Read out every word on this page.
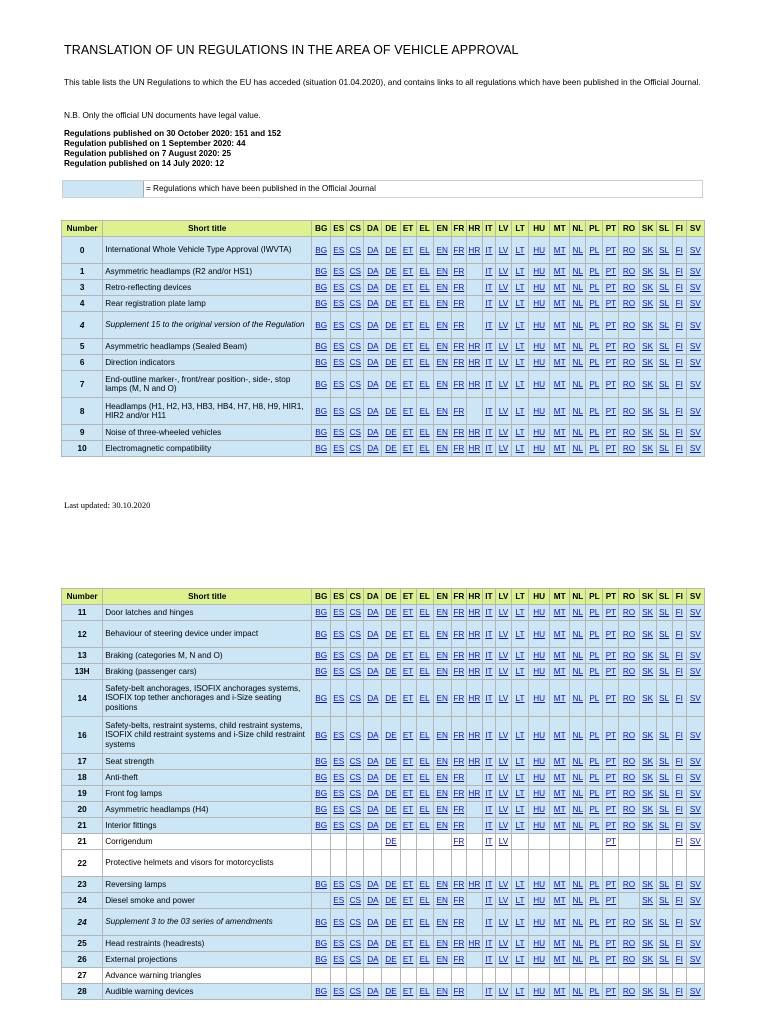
TRANSLATION OF UN REGULATIONS IN THE AREA OF VEHICLE APPROVAL
This table lists the UN Regulations to which the EU has acceded (situation 01.04.2020), and contains links to all regulations which have been published in the Official Journal.
N.B. Only the official UN documents have legal value.
Regulations published on 30 October 2020: 151 and 152
Regulation published on 1 September 2020: 44
Regulation published on 7 August 2020: 25
Regulation published on 14 July 2020: 12
= Regulations which have been published in the Official Journal
Number	Short title	BG	ES	CS	DA	DE	ET	EL	EN	FR	HR	IT	LV	LT	HU	MT	NL	PL	PT	RO	SK	SL	FI	SV
0	International Whole Vehicle Type Approval (IWVTA)	BG	ES	CS	DA	DE	ET	EL	EN	FR	HR	IT	LV	LT	HU	MT	NL	PL	PT	RO	SK	SL	FI	SV
1	Asymmetric headlamps (R2 and/or HS1)	BG	ES	CS	DA	DE	ET	EL	EN	FR		IT	LV	LT	HU	MT	NL	PL	PT	RO	SK	SL	FI	SV
3	Retro-reflecting devices	BG	ES	CS	DA	DE	ET	EL	EN	FR		IT	LV	LT	HU	MT	NL	PL	PT	RO	SK	SL	FI	SV
4	Rear registration plate lamp	BG	ES	CS	DA	DE	ET	EL	EN	FR		IT	LV	LT	HU	MT	NL	PL	PT	RO	SK	SL	FI	SV
4	Supplement 15 to the original version of the Regulation	BG	ES	CS	DA	DE	ET	EL	EN	FR		IT	LV	LT	HU	MT	NL	PL	PT	RO	SK	SL	FI	SV
5	Asymmetric headlamps (Sealed Beam)	BG	ES	CS	DA	DE	ET	EL	EN	FR	HR	IT	LV	LT	HU	MT	NL	PL	PT	RO	SK	SL	FI	SV
6	Direction indicators	BG	ES	CS	DA	DE	ET	EL	EN	FR	HR	IT	LV	LT	HU	MT	NL	PL	PT	RO	SK	SL	FI	SV
7	End-outline marker-, front/rear position-, side-, stop lamps (M, N and O)	BG	ES	CS	DA	DE	ET	EL	EN	FR	HR	IT	LV	LT	HU	MT	NL	PL	PT	RO	SK	SL	FI	SV
8	Headlamps (H1, H2, H3, HB3, HB4, H7, H8, H9, HIR1, HIR2 and/or H11	BG	ES	CS	DA	DE	ET	EL	EN	FR		IT	LV	LT	HU	MT	NL	PL	PT	RO	SK	SL	FI	SV
9	Noise of three-wheeled vehicles	BG	ES	CS	DA	DE	ET	EL	EN	FR	HR	IT	LV	LT	HU	MT	NL	PL	PT	RO	SK	SL	FI	SV
10	Electromagnetic compatibility	BG	ES	CS	DA	DE	ET	EL	EN	FR	HR	IT	LV	LT	HU	MT	NL	PL	PT	RO	SK	SL	FI	SV
Last updated: 30.10.2020
Number	Short title	BG	ES	CS	DA	DE	ET	EL	EN	FR	HR	IT	LV	LT	HU	MT	NL	PL	PT	RO	SK	SL	FI	SV
11	Door latches and hinges	BG	ES	CS	DA	DE	ET	EL	EN	FR	HR	IT	LV	LT	HU	MT	NL	PL	PT	RO	SK	SL	FI	SV
12	Behaviour of steering device under impact	BG	ES	CS	DA	DE	ET	EL	EN	FR	HR	IT	LV	LT	HU	MT	NL	PL	PT	RO	SK	SL	FI	SV
13	Braking (categories M, N and O)	BG	ES	CS	DA	DE	ET	EL	EN	FR	HR	IT	LV	LT	HU	MT	NL	PL	PT	RO	SK	SL	FI	SV
13H	Braking (passenger cars)	BG	ES	CS	DA	DE	ET	EL	EN	FR	HR	IT	LV	LT	HU	MT	NL	PL	PT	RO	SK	SL	FI	SV
14	Safety-belt anchorages, ISOFIX anchorages systems, ISOFIX top tether anchorages and i-Size seating positions	BG	ES	CS	DA	DE	ET	EL	EN	FR	HR	IT	LV	LT	HU	MT	NL	PL	PT	RO	SK	SL	FI	SV
16	Safety-belts, restraint systems, child restraint systems, ISOFIX child restraint systems and i-Size child restraint systems	BG	ES	CS	DA	DE	ET	EL	EN	FR	HR	IT	LV	LT	HU	MT	NL	PL	PT	RO	SK	SL	FI	SV
17	Seat strength	BG	ES	CS	DA	DE	ET	EL	EN	FR	HR	IT	LV	LT	HU	MT	NL	PL	PT	RO	SK	SL	FI	SV
18	Anti-theft	BG	ES	CS	DA	DE	ET	EL	EN	FR		IT	LV	LT	HU	MT	NL	PL	PT	RO	SK	SL	FI	SV
19	Front fog lamps	BG	ES	CS	DA	DE	ET	EL	EN	FR	HR	IT	LV	LT	HU	MT	NL	PL	PT	RO	SK	SL	FI	SV
20	Asymmetric headlamps (H4)	BG	ES	CS	DA	DE	ET	EL	EN	FR		IT	LV	LT	HU	MT	NL	PL	PT	RO	SK	SL	FI	SV
21	Interior fittings	BG	ES	CS	DA	DE	ET	EL	EN	FR		IT	LV	LT	HU	MT	NL	PL	PT	RO	SK	SL	FI	SV
21	Corrigendum					DE				FR		IT	LV						PT				FI	SV
22	Protective helmets and visors for motorcyclists																							
23	Reversing lamps	BG	ES	CS	DA	DE	ET	EL	EN	FR	HR	IT	LV	LT	HU	MT	NL	PL	PT	RO	SK	SL	FI	SV
24	Diesel smoke and power		ES	CS	DA	DE	ET	EL	EN	FR		IT	LV	LT	HU	MT	NL	PL	PT		SK	SL	FI	SV
24	Supplement 3 to the 03 series of amendments	BG	ES	CS	DA	DE	ET	EL	EN	FR		IT	LV	LT	HU	MT	NL	PL	PT	RO	SK	SL	FI	SV
25	Head restraints (headrests)	BG	ES	CS	DA	DE	ET	EL	EN	FR	HR	IT	LV	LT	HU	MT	NL	PL	PT	RO	SK	SL	FI	SV
26	External projections	BG	ES	CS	DA	DE	ET	EL	EN	FR		IT	LV	LT	HU	MT	NL	PL	PT	RO	SK	SL	FI	SV
27	Advance warning triangles																							
28	Audible warning devices	BG	ES	CS	DA	DE	ET	EL	EN	FR		IT	LV	LT	HU	MT	NL	PL	PT	RO	SK	SL	FI	SV
